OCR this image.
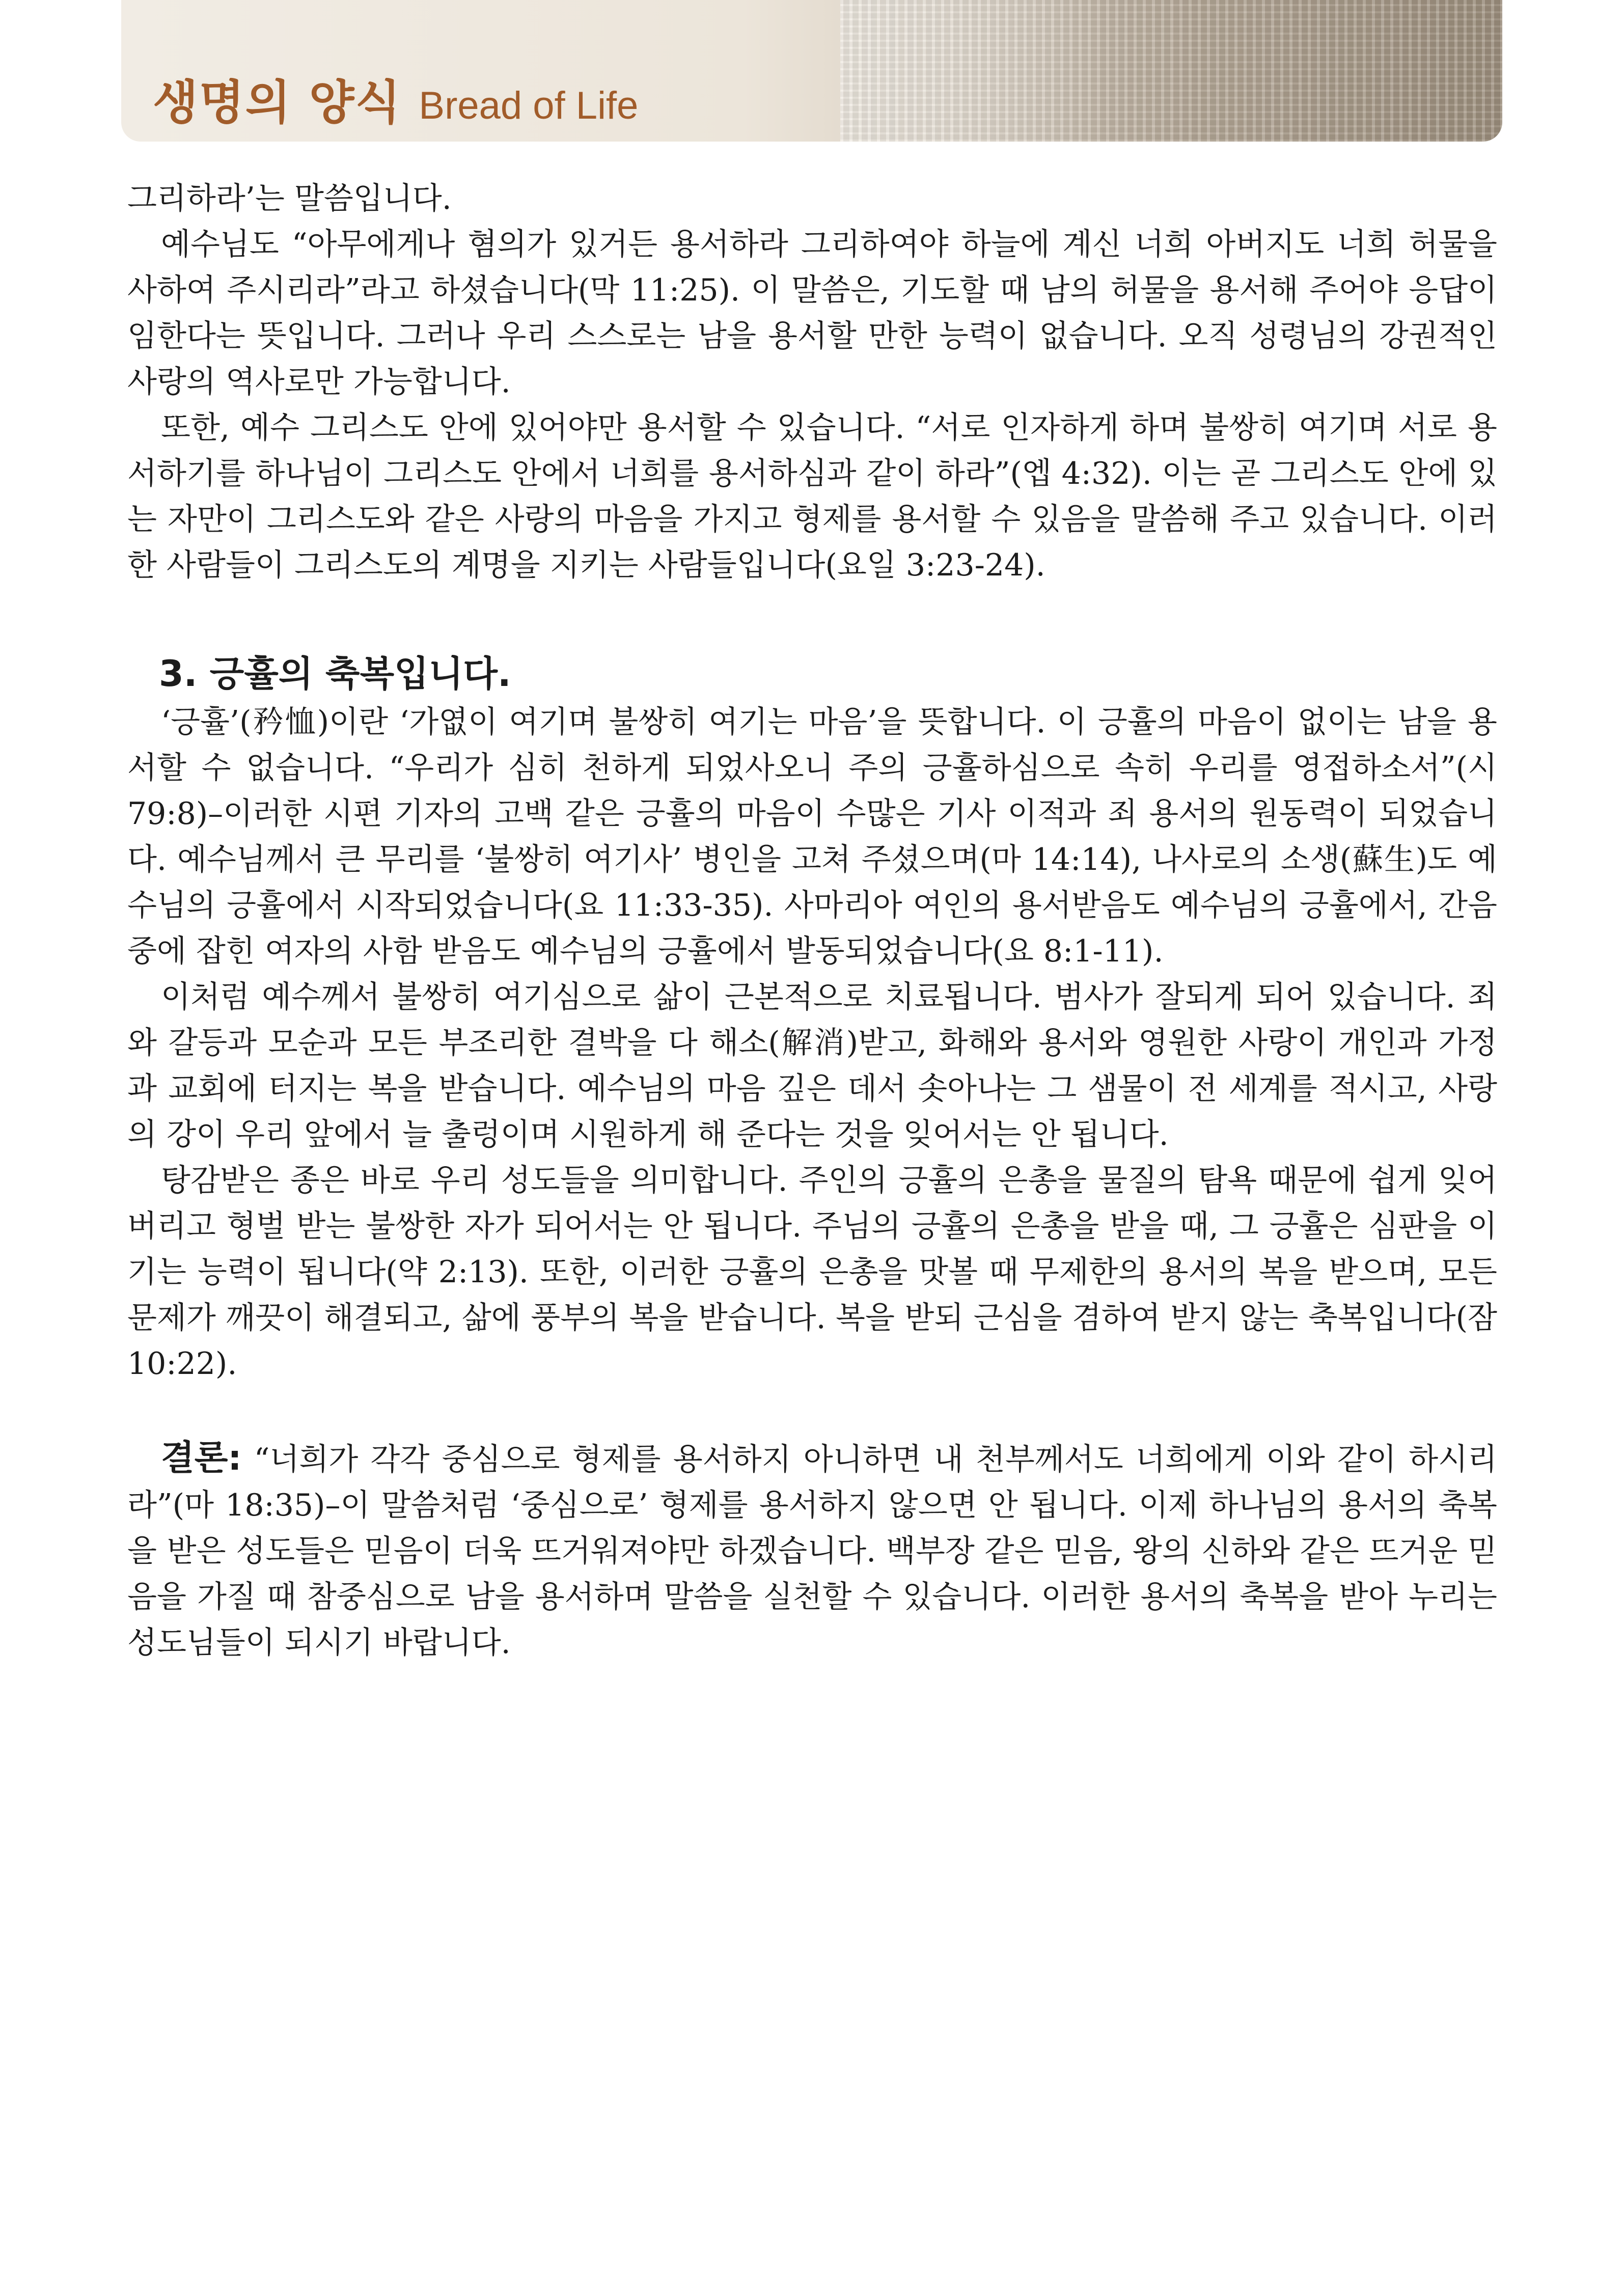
생명의 양식 Bread of Life

그리하라’는 말씀입니다.

예수님도 “아무에게나 혐의가 있거든 용서하라 그리하여야 하늘에 계신 너희 아버지도 너희 허물을 사하여 주시리라”라고 하셨습니다(막 11:25). 이 말씀은, 기도할 때 남의 허물을 용서해 주어야 응답이 임한다는 뜻입니다. 그러나 우리 스스로는 남을 용서할 만한 능력이 없습니다. 오직 성령님의 강권적인 사랑의 역사로만 가능합니다.

또한, 예수 그리스도 안에 있어야만 용서할 수 있습니다. “서로 인자하게 하며 불쌍히 여기며 서로 용서하기를 하나님이 그리스도 안에서 너희를 용서하심과 같이 하라”(엡 4:32). 이는 곧 그리스도 안에 있는 자만이 그리스도와 같은 사랑의 마음을 가지고 형제를 용서할 수 있음을 말씀해 주고 있습니다. 이러한 사람들이 그리스도의 계명을 지키는 사람들입니다(요일 3:23-24).

3. 긍휼의 축복입니다.

‘긍휼’(矜恤)이란 ‘가엾이 여기며 불쌍히 여기는 마음’을 뜻합니다. 이 긍휼의 마음이 없이는 남을 용서할 수 없습니다. “우리가 심히 천하게 되었사오니 주의 긍휼하심으로 속히 우리를 영접하소서”(시 79:8)–이러한 시편 기자의 고백 같은 긍휼의 마음이 수많은 기사 이적과 죄 용서의 원동력이 되었습니다. 예수님께서 큰 무리를 ‘불쌍히 여기사’ 병인을 고쳐 주셨으며(마 14:14), 나사로의 소생(蘇生)도 예수님의 긍휼에서 시작되었습니다(요 11:33-35). 사마리아 여인의 용서받음도 예수님의 긍휼에서, 간음 중에 잡힌 여자의 사함 받음도 예수님의 긍휼에서 발동되었습니다(요 8:1-11).

이처럼 예수께서 불쌍히 여기심으로 삶이 근본적으로 치료됩니다. 범사가 잘되게 되어 있습니다. 죄와 갈등과 모순과 모든 부조리한 결박을 다 해소(解消)받고, 화해와 용서와 영원한 사랑이 개인과 가정과 교회에 터지는 복을 받습니다. 예수님의 마음 깊은 데서 솟아나는 그 샘물이 전 세계를 적시고, 사랑의 강이 우리 앞에서 늘 출렁이며 시원하게 해 준다는 것을 잊어서는 안 됩니다.

탕감받은 종은 바로 우리 성도들을 의미합니다. 주인의 긍휼의 은총을 물질의 탐욕 때문에 쉽게 잊어버리고 형벌 받는 불쌍한 자가 되어서는 안 됩니다. 주님의 긍휼의 은총을 받을 때, 그 긍휼은 심판을 이기는 능력이 됩니다(약 2:13). 또한, 이러한 긍휼의 은총을 맛볼 때 무제한의 용서의 복을 받으며, 모든 문제가 깨끗이 해결되고, 삶에 풍부의 복을 받습니다. 복을 받되 근심을 겸하여 받지 않는 축복입니다(잠 10:22).

결론: “너희가 각각 중심으로 형제를 용서하지 아니하면 내 천부께서도 너희에게 이와 같이 하시리라”(마 18:35)–이 말씀처럼 ‘중심으로’ 형제를 용서하지 않으면 안 됩니다. 이제 하나님의 용서의 축복을 받은 성도들은 믿음이 더욱 뜨거워져야만 하겠습니다. 백부장 같은 믿음, 왕의 신하와 같은 뜨거운 믿음을 가질 때 참중심으로 남을 용서하며 말씀을 실천할 수 있습니다. 이러한 용서의 축복을 받아 누리는 성도님들이 되시기 바랍니다.
